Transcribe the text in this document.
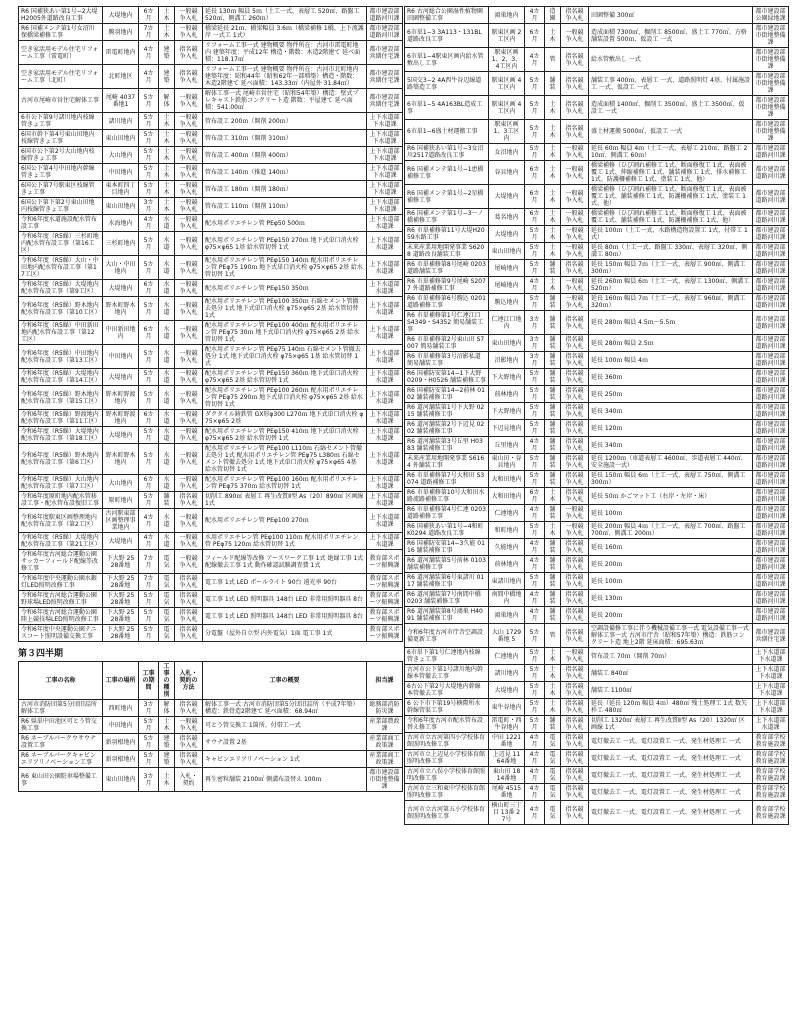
R6 国補狭あい第1号−2大堤H2005外道路改良工事	大堤地内	6カ月	土木	一般競争入札	延長 130ｍ 幅員 5ｍ（土工一式、表層工 520㎡、路盤工 520㎡、側溝工 260ｍ）	都市建設部道路河川課
R6 国補メンテ第1号女沼川保橋梁補修工事	駒羽地内	7カ月	土木	一般競争入札	橋梁延長 21ｍ、橋梁幅員 3.6ｍ（橋梁補修 1橋、上下流護岸 一式工 1式）	都市建設部道路河川課
空き家活用モデル住宅リフォーム工事（雷電町）	雷電町地内	4カ月	建築	指名競争入札	リフォーム工事一式 建物概要 物件所在：古河市雷電町地内 建築年度：平成12年 構造・階数：木造2階建て 延べ面積：118.17㎡	都市建設部営繕住宅課
空き家活用モデル住宅リフォーム工事（北町）	北町地区	4カ月	建築	指名競争入札	リフォーム工事一式 建物概要 物件所在：古河市北町地内 建築年度：昭和44年（昭和62年一部増築）構造・階数：木造2階建て 延べ面積：143.33㎡（内屋外 31.84㎡）	都市建設部営繕住宅課
古河市尾崎市営住宅解体工事	尾崎 4037番地1	5カ月	解体	一般競争入札	解体工事一式 尾崎市営住宅（昭和54年築）構造：壁式プレキャスト鉄筋コンクリート造 階数：平屋建て 延べ面積：541.00㎡	都市建設部営繕住宅課
6市公下第9号諸川地内枝線管きょ工事	諸川地内	5カ月	土木	一般競争入札	管布設工 200ｍ（開削 200ｍ）	上下水道部下水道課
6国市幹下第4号東山田地内枝線管きょ工事	東山田地内	5カ月	土木	一般競争入札	管布設工 310ｍ（開削 310ｍ）	上下水道部下水道課
6国市公下第2号大山地内枝線管きょ工事	大山地内	5カ月	土木	一般競争入札	管布設工 400ｍ（開削 400ｍ）	上下水道部下水道課
6国公下第4号中田地内幹線管きょ工事	中田地内	5カ月	土木	一般競争入札	管布設工 140ｍ（推進 140ｍ）	上下水道部下水道課
6国公下第7号駅東区枝線管きょ工事	東本町四丁目地内	5カ月	土木	一般競争入札	管布設工 180ｍ（開削 180ｍ）	上下水道部下水道課
6国公下第下第2号東山田地内枝線管きょ工事	東山田地内	3カ月	土木	一般競争入札	管布設工 110ｍ（開削 110ｍ）	上下水道部下水道課
令和6年度水道施設配水管布設工事	水海地内	4カ月	水道	一般競争入札	配水用ポリエチレン管 PEφ50 500ｍ	上下水道部水道課
令和6年度（R5繰）三杉町地内配水管布設工事（第16工区）	三杉町地内	5カ月	水道	一般競争入札	配水用ポリエチレン管 PEφ150 270ｍ 地下式単口消火栓 φ75×φ65 1基 給水管切替 1式	上下水道部水道課
令和6年度（R5繰）大山・中田地内配水管布設工事（第17工区）	大山・中田地内	5カ月	水道	一般競争入札	配水用ポリエチレン管 PEφ150 140ｍ 配水用ポリエチレン管 PEφ75 190ｍ 地下式単口消火栓 φ75×φ65 2基 給水管切替 1式	上下水道部水道課
令和6年度（R5繰）大堤地内配水管布設工事（第9工区）	大堤地内	6カ月	水道	一般競争入札	配水用ポリエチレン管 PEφ150 350ｍ	上下水道部水道課
令和6年度（R5繰）野木地内配水管布設工事（第10工区）	野木町野木地内	5カ月	水道	一般競争入札	配水用ポリエチレン管 PEφ100 350ｍ 石綿セメント管撤去処分 1式 地下式単口消火栓 φ75×φ65 2基 給水管切替 1式	上下水道部水道課
令和6年度（R5繰）中田新田地内配水管布設工事（第12工区）	中田新田地内	6カ月	水道	一般競争入札	配水用ポリエチレン管 PEφ100 400ｍ 配水用ポリエチレン管 PEφ75 30ｍ 地下式単口消火栓 φ75×φ65 2基 給水管切替 1式	上下水道部水道課
令和6年度（R5繰）中田地内配水管布設工事（第13工区）	中田地内	5カ月	水道	一般競争入札	配水用ポリエチレン管 PEφ75 140ｍ 石綿セメント管撤去処分 1式 地下式単口消火栓 φ75×φ65 1基 給水管切替 1式	上下水道部水道課
令和6年度（R5繰）大堤地内配水管布設工事（第14工区）	大堤地内	5カ月	水道	一般競争入札	配水用ポリエチレン管 PEφ150 360ｍ 地下式単口消火栓 φ75×φ65 2基 給水管切替 1式	上下水道部水道課
令和6年度（R5繰）野木地内配水管布設工事（第15工区）	野木町野渡地内	5カ月	水道	一般競争入札	配水用ポリエチレン管 PEφ100 260ｍ 配水用ポリエチレン管 PEφ75 290ｍ 地下式単口消火栓 φ75×φ65 2基 給水管切替 1式	上下水道部水道課
令和6年度（R5繰）野渡地内配水管布設工事（第11工区）	野木町野渡地内	6カ月	水道	一般競争入札	ダクタイル鋳鉄管 GX形φ300 L270ｍ 地下式単口消火栓 φ75×φ65 2基	上下水道部水道課
令和6年度（R5繰）大堤地内配水管布設工事（第18工区）	大堤地内	5カ月	水道	一般競争入札	配水用ポリエチレン管 PEφ150 410ｍ 地下式単口消火栓 φ75×φ65 2基 給水管切替 1式	上下水道部水道課
令和6年度（R5繰）野木地内配水管布設工事（第6工区）	野木町野木地内	5カ月	水道	一般競争入札	配水用ポリエチレン管 PEφ100 L110ｍ 石綿セメント管撤去処分 1式 配水用ポリエチレン管 PEφ75 L380ｍ 石綿セメント管撤去処分 1式 地下式単口消火栓 φ75×φ65 4基 給水管切替 1式	上下水道部水道課
令和6年度（R5繰）大山地内配水管布設工事（第7工区）	大山地内	6カ月	水道	一般競争入札	配水用ポリエチレン管 PEφ100 160ｍ 配水用ポリエチレン管 PEφ75 370ｍ 給水管切替 1式	上下水道部水道課
令和6年度原町地内配水管移設工事・配水管布設復旧工事	原町地内	5カ月	舗装	指名競争入札	切削工 890㎡ 表層工 再生改質Ⅱ型 As（20）890㎡ 区画線 1式	上下水道部水道課
令和6年度駅東区画整理地内配水管布設工事（第2工区）	古河駅東部区画整理事業地内	4カ月	水道	一般競争入札	配水用ポリエチレン管 PEφ100 270ｍ	上下水道部水道課
令和6年度（R5繰）大堤地内配水管布設工事（第21工区）	大堤地内	4カ月	水道	一般競争入札	水用ポリエチレン管 PEφ100 110ｍ 配水用ポリエチレン管 PEφ75 120ｍ 給水管切替 1式	上下水道部水道課
令和6年度古河総合運動公園サッカーフィールド配線等改修工事	下大野 2528番地	7カ月	電気	一般競争入札	フィールド配線等改修 アースワーク工事 1式 絶縁工事 1式 配線撤去工事 1式 動作確認試験調査費 1式	教育部スポーツ振興課
令和6年度中央運動公園水銀灯LED照明改修工事	下大野 2528番地	7カ月	電気	指名競争入札	電工事 1式 LED ポールライト 90台 遠光率 90台	教育部スポーツ振興課
令和6年度古河総合運動公園野球場LED照明改修工事	下大野 2528番地	5カ月	電気	指名競争入札	電工事 1式 LED 照明器具 148台 LED 非常用照明器具 8台	教育部スポーツ振興課
令和6年度古河総合運動公園陸上競技場LED照明改修工事	下大野 2528番地	5カ月	電気	指名競争入札	電工事 1式 LED 照明器具 148台 LED 非常用照明器具 8台	教育部スポーツ振興課
令和6年度中央運動公園テニスコート照明設備交換工事	下大野 2528番地	5カ月	電気	指名競争入札	分電盤（屋外自立型 内外電気）1面 電工事 1式	教育部スポーツ振興課
第３四半期
工事の名称	工事の場所	工事の期間	工事の種別	入札・契約の方法	工事の概要	担当課
古河市消防団第5分団旧詰所解体工事	西町地内	3カ月	解体	指名競争入札	解体工事一式 古河市消防団第5分団旧詰所（平成7年築）構造：鉄骨造2階建て 延べ面積：68.94㎡	総務部消防防災課
R6 県単中田池区可とう管交換工事	中田地内	5カ月	土木	一般競争入札	可とう管交換工 1箇所、付帯工一式	産業部農政課
R6 ネーブルパークウサウナ設置工事	新羽根地内	5カ月	建築	指名競争入札	サウナ設置 2基	産業部商工政策課
R6 ネーブルパークキャビンエリアリノベーション工事	新羽根地内	5カ月	建築	指名競争入札	キャビンエリアリノベーション 1式	産業部商工政策課
R6 東山田公園駐車場整備工事	東山田地内	3カ月	土木	入札・契約	再生密粒舗装 2100㎡ 側溝布設替え 100ｍ	都市建設部市街地整備課
R6 古河総合公園湿性植物園田園整備工事	鴻巣地内	4カ月	造園	指名競争入札	田園整備 300㎡	都市建設部公園緑地課
6市単1−3 3A113・131BL道路改良工事	駅東区画 2工区内	6カ月	土木	一般競争入札	造成面積 7300㎡、掘削工 8500㎥、盛土工 770㎥、方格舗装設置 500ｍ、仮設工 一式	都市建設部市街地整備課
6市単1−4駅東区画内給水管敷出し工事	駅東区画 1、2、3、4工区内	4カ月	管	指名競争入札	給水管敷出し 一式	都市建設部市街地整備課
5国交3−2 4A西牛谷辺線道路築造工事	駅東区画 4工区内	5カ月	舗装	指名競争入札	舗装工事 400ｍ、表層工 一式、道路照明灯 4基、付属施設工 一式、仮設工 一式	都市建設部市街地整備課
6市単1−5 4A163BL造成工事	駅東区画 4工区内	5カ月	土木	指名競争入札	造成面積 1400㎡、掘削工 3500㎥、盛土工 3500㎥、仮設工 一式	都市建設部市街地整備課
6市単1−6盛土材運搬工事	駅東区画 1、3工区内	5カ月	土木	指名競争入札	盛土材運搬 5000㎥、仮設工 一式	都市建設部市街地整備課
R6 国補狭あい第1号−3女沼川2517道路改良工事	女沼地内	5カ月	土木	一般競争入札	延長 60ｍ 幅員 4ｍ（土工一式、表層工 210㎡、路盤工 210㎡、側溝工 60ｍ）	都市建設部道路河川課
R6 国補メンテ第1号−1恵橋補修工事	谷貝地内	6カ月	土木	一般競争入札	橋梁補修（ひび割れ補修工 1式、断面修復工 1式、表面被覆工 1式、伸縮補修工 1式、舗装補修工 1式、排水補修工 1式、防護柵補修工 1式、塗装工 1式、他）	都市建設部道路河川課
R6 国補メンテ第1号−2星橋補修工事	大堤地内	6カ月	土木	一般競争入札	橋梁補修（ひび割れ補修工 1式、断面修復工 1式、表面被覆工 1式、舗装補修工 1式、防護柵補修工 1式、塗装工 1式、他）	都市建設部道路河川課
R6 国補メンテ第1号−3一ノ橋補修工事	葛名地内	6カ月	土木	一般競争入札	橋梁補修（ひび割れ補修工 1式、断面修復工 1式、表面被覆工 1式、舗装補修工 1式、防護柵補修工 1式、他）	都市建設部道路河川課
R6 市単補修第11号大堤H2059水路工事	大堤地内	5カ月	土木	一般競争入札	延長 100ｍ（土工一式、水路構造物設置工 1式、付帯工 1式）	都市建設部道路河川課
未来産業用地開発事業 S6208 道路改良舗装工事	東山田地内	5カ月	土木	一般競争入札	延長 80ｍ（土工一式、路盤工 330㎡、表層工 320㎡、側溝工 80ｍ）	都市建設部道路河川課
R6 市単補修第8号尾崎 0203 道路舗装工事	尾崎地内	5カ月	舗装	指名競争入札	延長 150ｍ 幅員 7ｍ（土工一式、表層工 900㎡、側溝工 300ｍ）	都市建設部道路河川課
R6 市単補修第9号尾崎 S2077 外道路補修工事	尾崎地内	4カ月	土木	一般競争入札	延長 260ｍ 幅員 6ｍ（土工一式、表層工 1300㎡、側溝工 520ｍ）	都市建設部道路河川課
R6 市単補修第6号駒込 0201 道路補修工事	駒込地内	5カ月	舗装	一般競争入札	延長 160ｍ 幅員 7ｍ（土工一式、表層工 960㎡、側溝工 320ｍ）	都市建設部道路河川課
R6 市単補修第1号仁連江口 S4349・S4352 簡易舗装工事	仁連江口地内	3カ月	舗装	指名競争入札	延長 280ｍ 幅員 4.5ｍ〜5.5ｍ	都市建設部道路河川課
R6 市単補修第2号東山田 S7007 簡易舗装工事	東山田地内	3カ月	舗装	指名競争入札	延長 280ｍ 幅員 2.5ｍ	都市建設部道路河川課
R6 市単補修第3号沼影私道簡易舗装工事	沼影地内	3カ月	舗装	指名競争入札	延長 100ｍ 幅員 4ｍ	都市建設部道路河川課
R6 国補防安第14−1下大野 0209・H0526 舗装補修工事	下大野地内	5カ月	舗装	指名競争入札	延長 360ｍ	都市建設部道路河川課
R6 国補防安第14−2前林 0102 舗装補修工事	前林地内	5カ月	舗装	指名競争入札	延長 250ｍ	都市建設部道路河川課
R6 道河舗装第1号下大野 0215 舗装補修工事	下大野地内	5カ月	舗装	指名競争入札	延長 340ｍ	都市建設部道路河川課
R6 道河舗装第2号下辺見 0202 舗装補修工事	下辺見地内	5カ月	舗装	指名競争入札	延長 120ｍ	都市建設部道路河川課
R6 道河舗装第3号丘里 H0383 舗装補修工事	丘里地内	4カ月	舗装	指名競争入札	延長 340ｍ	都市建設部道路河川課
未来産業用地開発事業 S6164 外舗装工事	東山田・谷貝地内	5カ月	舗装	指名競争入札	延長 1200ｍ（車道表層工 4600㎡、歩道表層工 440㎡、安全施設一式）	都市建設部道路河川課
R6 市単補修第7号大和田 S3074 道路補修工事	大和田地内	5カ月	舗装	指名競争入札	延長 150ｍ 幅員 6ｍ（土工一式、表層工 750㎡、側溝工 300ｍ）	都市建設部道路河川課
R6 市単補修第10号大和田水路流路補修工事	大和田地内	6カ月	土木	指名競争入札	延長 50ｍ かごマット工（右岸・左岸・床）	都市建設部道路河川課
R6 市単補修第4号仁連 0203 道路補修工事	仁連地内	4カ月	舗装	一般競争入札	延長 100ｍ	都市建設部道路河川課
R6 国補狭あい第1号−4和町 K0294 道路改良工事	和町地内	5カ月	土木	一般競争入札	延長 200ｍ 幅員 4ｍ（土工一式、表層工 700㎡、路盤工 700㎡、側溝工 200ｍ）	都市建設部道路河川課
R6 国補防安第14−3久能 0116 舗装補修工事	久能地内	4カ月	舗装	指名競争入札	延長 160ｍ	都市建設部道路河川課
R6 道河舗装第5号前林 0103 舗装補修工事	前林地内	4カ月	舗装	指名競争入札	延長 200ｍ	都市建設部道路河川課
R6 道河舗装第6号東諸川 0117 舗装補修工事	東諸川地内	5カ月	舗装	指名競争入札	延長 100ｍ	都市建設部道路河川課
R6 道河舗装第7号南間中橋 0203 舗装補修工事	南間中橋地内	4カ月	舗装	指名競争入札	延長 130ｍ	都市建設部道路河川課
R6 道河舗装第8号鴻巣 H4091 舗装補修工事	鴻巣地内	4カ月	舗装	指名競争入札	延長 200ｍ	都市建設部道路河川課
令和6年度古河市庁舎空調設備更新工事	大山 1729番地 5	5カ月	管	指名競争入札	空調設備修工事に伴う機械設備工事一式 電気設備工事一式 解体工事一式 古河市庁舎（昭和57年築）構造：鉄筋コンクリート造 地上2階 延床面積：695.63㎡	都市建設部営繕住宅課
6市単下第1号仁連地内枝線管きょ工事	仁連地内	5カ月	土木	一般競争入札	管布設工 70ｍ（開削 70ｍ）	上下水道部下水道課
古河市公下第1号諸川地内幹線本管撤去工事	諸川地内	5カ月	土木	指名競争入札	舗装工 840㎡	上下水道部下水道課
6古公下第2号大堤地内幹線本管撤去工事	大堤地内	5カ月	土木	指名競争入札	舗装工 1100㎡	上下水道部下水道課
6 公下市下第19号横際所水幹線管渠工事	東牛谷地内	5カ月	土木	指名競争入札	延長（延長 120ｍ 幅員 4ｍ）480㎡ 残土処理工 1式 数矢枠工 480㎡	上下水道部下水道課
令和6年度古河市配水管布設替え修工事	雷電町・西牛谷地内	5カ月	舗装	指名競争入札	切削工 1320㎡ 表層工 再生改質Ⅱ型 As（20）1320㎡ 区画線 1式	上下水道部水道課
古河市立古河第四小学校体育館照明改修工事	中田 1221番地	4カ月	電気	指名競争入札	電灯撤去工 一式、電灯設置工 一式、発生材処理工 一式	教育部学校教育施設課
古河市立上辺見小学校体育館照明改修工事	上辺見 1164番地	4カ月	電気	指名競争入札	電灯撤去工 一式、電灯設置工 一式、発生材処理工 一式	教育部学校教育施設課
古河市立八俣小学校体育館照明改修工事	東山田 1814番地	4カ月	電気	指名競争入札	電灯撤去工 一式、電灯設置工 一式、発生材処理工 一式	教育部学校教育施設課
古河市立三和東中学校体育館照明改修工事	尾崎 4515番地	4カ月	電気	指名競争入札	電灯撤去工 一式、電灯設置工 一式、発生材処理工 一式	教育部学校教育施設課
古河市立古河第五小学校体育館照明改修工事	横山町三丁目 13番 27号	4カ月	電気	指名競争入札	電灯撤去工 一式、電灯設置工 一式、発生材処理工 一式	教育部学校教育施設課
